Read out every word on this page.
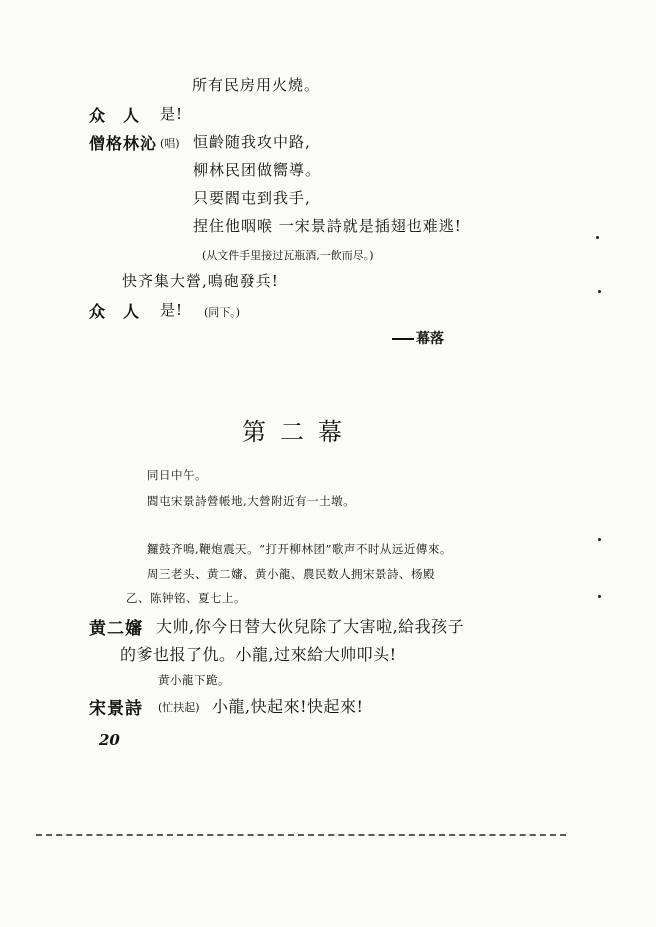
所有民房用火燒。
众　人 是!
僧格林沁 (唱) 恒齡随我攻中路,
柳林民团做嚮導。
只要閻屯到我手,
捏住他咽喉 一宋景詩就是插翅也难逃!
(从文件手里接过瓦瓶酒,一飲而尽。)
快齐集大營,鳴砲發兵!
众　人 是! (同下。)
幕落
第二幕
同日中午。
閻屯宋景詩營帳地,大營附近有一土墩。
鑼鼓齐鳴,鞭炮震天。“打开柳林团”歌声不时从远近傳來。
周三老头、黄二嬸、黄小龍、農民数人拥宋景詩、杨殿
乙、陈钟铭、夏七上。
黄二嬸 大帅,你今日替大伙兒除了大害啦,給我孩子
的爹也报了仇。小龍,过來給大帅叩头!
黄小龍下跪。
宋景詩 (忙扶起) 小龍,快起來!快起來!
20
